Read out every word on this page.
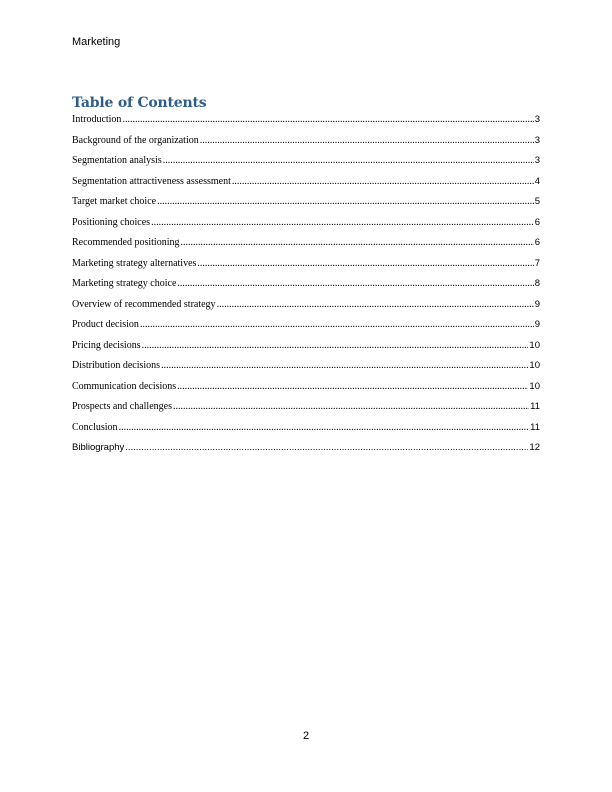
Marketing
Table of Contents
Introduction .....	3
Background of the organization .....	3
Segmentation analysis .....	3
Segmentation attractiveness assessment .....	4
Target market choice .....	5
Positioning choices .....	6
Recommended positioning .....	6
Marketing strategy alternatives .....	7
Marketing strategy choice .....	8
Overview of recommended strategy .....	9
Product decision .....	9
Pricing decisions .....	10
Distribution decisions .....	10
Communication decisions .....	10
Prospects and challenges .....	11
Conclusion .....	11
Bibliography .....	12
2
